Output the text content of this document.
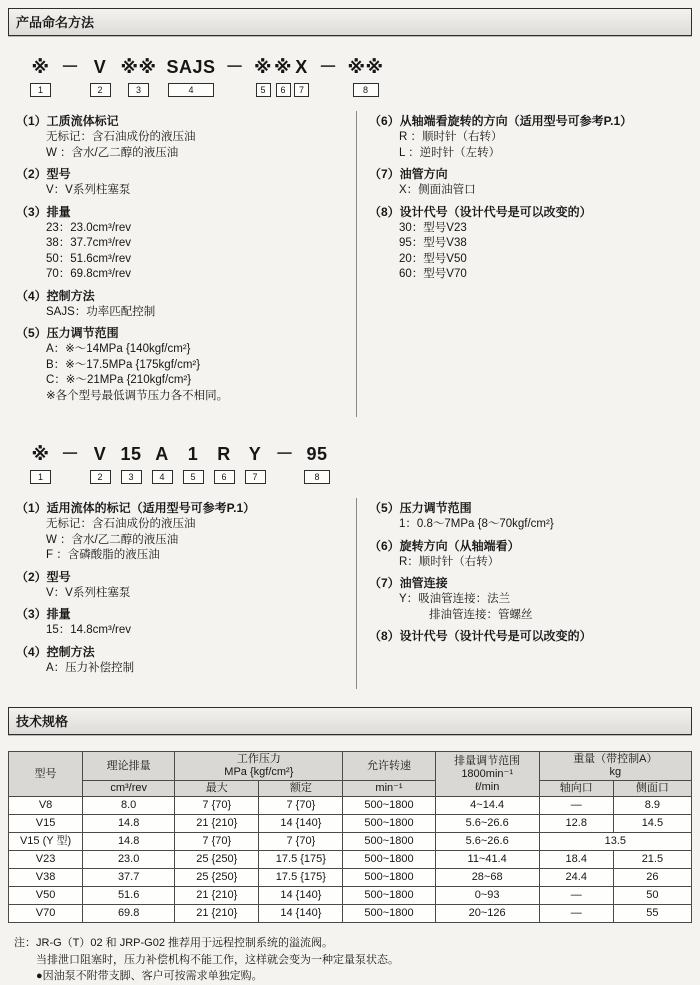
产品命名方法
※
1
－ V
2
※※
3
SAJS
4
－ ※
5
※
6
X
7
－ ※※
8
（1）工质流体标记
无标记：含石油成份的液压油
W ：含水/乙二醇的液压油
（2）型号
V：V系列柱塞泵
（3）排量
23：23.0cm³/rev
38：37.7cm³/rev
50：51.6cm³/rev
70：69.8cm³/rev
（4）控制方法
SAJS：功率匹配控制
（5）压力调节范围
A：※～14MPa {140kgf/cm²}
B：※～17.5MPa {175kgf/cm²}
C：※～21MPa {210kgf/cm²}
※各个型号最低调节压力各不相同。
（6）从轴端看旋转的方向（适用型号可参考P.1）
R ：顺时针（右转）
L ：逆时针（左转）
（7）油管方向
X：侧面油管口
（8）设计代号（设计代号是可以改变的）
30：型号V23
95：型号V38
20：型号V50
60：型号V70
※
1
－ V
2
15
3
A
4
1
5
R
6
Y
7
－ 95
8
（1）适用流体的标记（适用型号可参考P.1）
无标记：含石油成份的液压油
W ：含水/乙二醇的液压油
F ：含磷酸脂的液压油
（2）型号
V：V系列柱塞泵
（3）排量
15：14.8cm³/rev
（4）控制方法
A：压力补偿控制
（5）压力调节范围
1：0.8～7MPa {8～70kgf/cm²}
（6）旋转方向（从轴端看）
R：顺时针（右转）
（7）油管连接
Y：吸油管连接：法兰
排油管连接：管螺丝
（8）设计代号（设计代号是可以改变的）
技术规格
型号	理论排量	
工作压力
MPa {kgf/cm²}
	允许转速	排量调节范围
1800min⁻¹
ℓ/min

重量（带控制A）
kg

	cm³/rev	最大	额定	min⁻¹		轴向口	侧面口
V8	8.0	7 {70}	7 {70}	500~1800	4~14.4	—	8.9
V15	14.8	21 {210}	14 {140}	500~1800	5.6~26.6	12.8	14.5
V15 (Y 型)	14.8	7 {70}	7 {70}	500~1800	5.6~26.6	13.5	
V23	23.0	25 {250}	17.5 {175}	500~1800	11~41.4	18.4	21.5
V38	37.7	25 {250}	17.5 {175}	500~1800	28~68	24.4	26
V50	51.6	21 {210}	14 {140}	500~1800	0~93	—	50
V70	69.8	21 {210}	14 {140}	500~1800	20~126	—	55
注：JR-G（T）02 和 JRP-G02 推荐用于远程控制系统的溢流阀。
当排泄口阻塞时，压力补偿机构不能工作，这样就会变为一种定量泵状态。
●因油泵不附带支脚、客户可按需求单独定购。
